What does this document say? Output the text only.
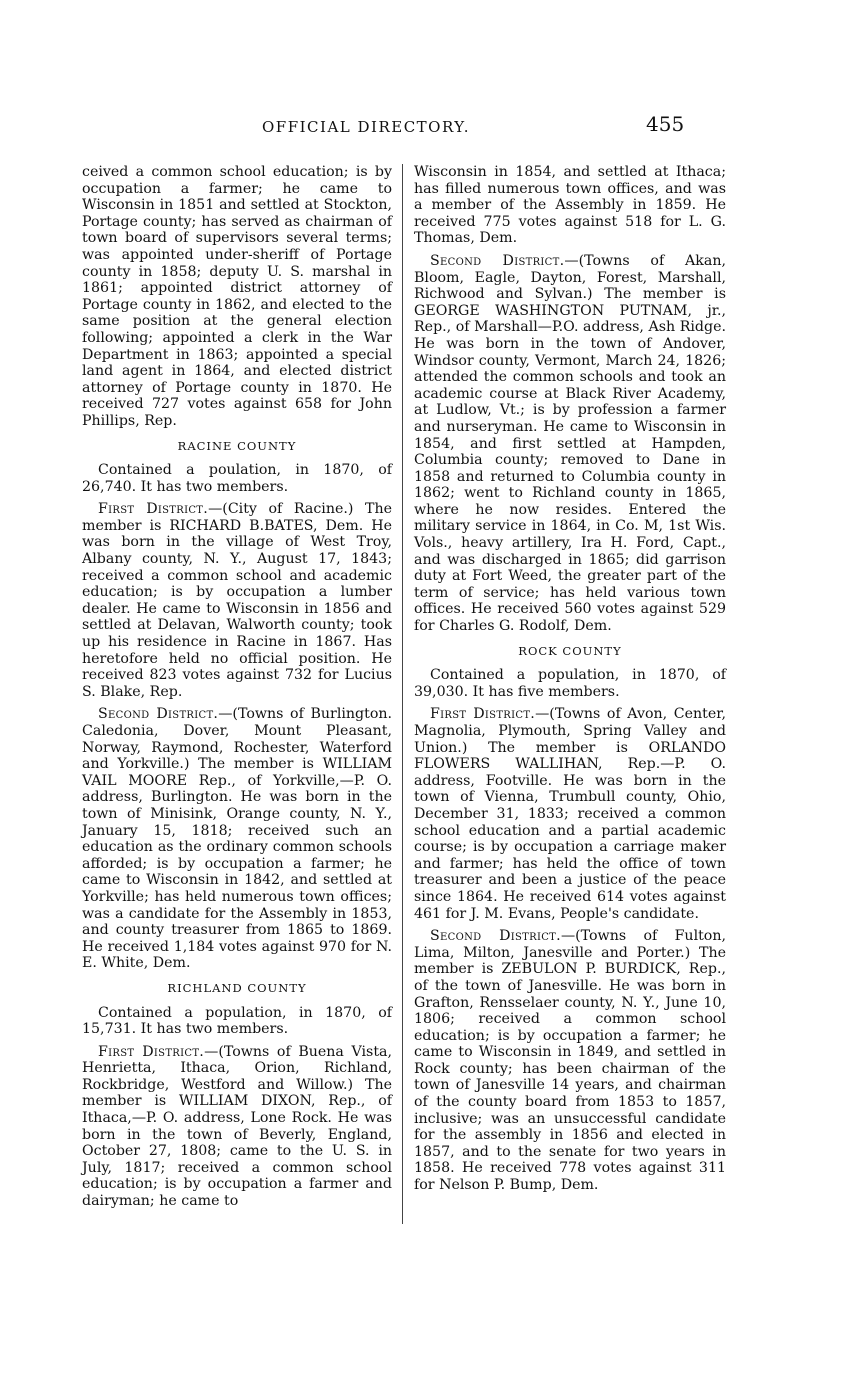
OFFICIAL DIRECTORY.	455

ceived a common school education; is by occupation a farmer; he came to Wisconsin in 1851 and settled at Stockton, Portage county; has served as chairman of town board of supervisors several terms; was appointed under-sheriff of Portage county in 1858; deputy U. S. marshal in 1861; appointed district attorney of Portage county in 1862, and elected to the same position at the general election following; appointed a clerk in the War Department in 1863; appointed a special land agent in 1864, and elected district attorney of Portage county in 1870. He received 727 votes against 658 for John Phillips, Rep.

RACINE COUNTY

Contained a poulation, in 1870, of 26,740. It has two members.

First District.—(City of Racine.) The member is RICHARD B.BATES, Dem. He was born in the village of West Troy, Albany county, N. Y., August 17, 1843; received a common school and academic education; is by occupation a lumber dealer. He came to Wisconsin in 1856 and settled at Delavan, Walworth county; took up his residence in Racine in 1867. Has heretofore held no official position. He received 823 votes against 732 for Lucius S. Blake, Rep.

Second District.—(Towns of Burlington. Caledonia, Dover, Mount Pleasant, Norway, Raymond, Rochester, Waterford and Yorkville.) The member is WILLIAM VAIL MOORE Rep., of Yorkville,—P. O. address, Burlington. He was born in the town of Minisink, Orange county, N. Y., January 15, 1818; received such an education as the ordinary common schools afforded; is by occupation a farmer; he came to Wisconsin in 1842, and settled at Yorkville; has held numerous town offices; was a candidate for the Assembly in 1853, and county treasurer from 1865 to 1869. He received 1,184 votes against 970 for N. E. White, Dem.

RICHLAND COUNTY

Contained a population, in 1870, of 15,731. It has two members.

First District.—(Towns of Buena Vista, Henrietta, Ithaca, Orion, Richland, Rockbridge, Westford and Willow.) The member is WILLIAM DIXON, Rep., of Ithaca,—P. O. address, Lone Rock. He was born in the town of Beverly, England, October 27, 1808; came to the U. S. in July, 1817; received a common school education; is by occupation a farmer and dairyman; he came to

Wisconsin in 1854, and settled at Ithaca; has filled numerous town offices, and was a member of the Assembly in 1859. He received 775 votes against 518 for L. G. Thomas, Dem.

Second District.—(Towns of Akan, Bloom, Eagle, Dayton, Forest, Marshall, Richwood and Sylvan.) The member is GEORGE WASHINGTON PUTNAM, jr., Rep., of Marshall—P.O. address, Ash Ridge. He was born in the town of Andover, Windsor county, Vermont, March 24, 1826; attended the common schools and took an academic course at Black River Academy, at Ludlow, Vt.; is by profession a farmer and nurseryman. He came to Wisconsin in 1854, and first settled at Hampden, Columbia county; removed to Dane in 1858 and returned to Columbia county in 1862; went to Richland county in 1865, where he now resides. Entered the military service in 1864, in Co. M, 1st Wis. Vols., heavy artillery, Ira H. Ford, Capt., and was discharged in 1865; did garrison duty at Fort Weed, the greater part of the term of service; has held various town offices. He received 560 votes against 529 for Charles G. Rodolf, Dem.

ROCK COUNTY

Contained a population, in 1870, of 39,030. It has five members.

First District.—(Towns of Avon, Center, Magnolia, Plymouth, Spring Valley and Union.) The member is ORLANDO FLOWERS WALLIHAN, Rep.—P. O. address, Footville. He was born in the town of Vienna, Trumbull county, Ohio, December 31, 1833; received a common school education and a partial academic course; is by occupation a carriage maker and farmer; has held the office of town treasurer and been a justice of the peace since 1864. He received 614 votes against 461 for J. M. Evans, People's candidate.

Second District.—(Towns of Fulton, Lima, Milton, Janesville and Porter.) The member is ZEBULON P. BURDICK, Rep., of the town of Janesville. He was born in Grafton, Rensselaer county, N. Y., June 10, 1806; received a common school education; is by occupation a farmer; he came to Wisconsin in 1849, and settled in Rock county; has been chairman of the town of Janesville 14 years, and chairman of the county board from 1853 to 1857, inclusive; was an unsuccessful candidate for the assembly in 1856 and elected in 1857, and to the senate for two years in 1858. He received 778 votes against 311 for Nelson P. Bump, Dem.
